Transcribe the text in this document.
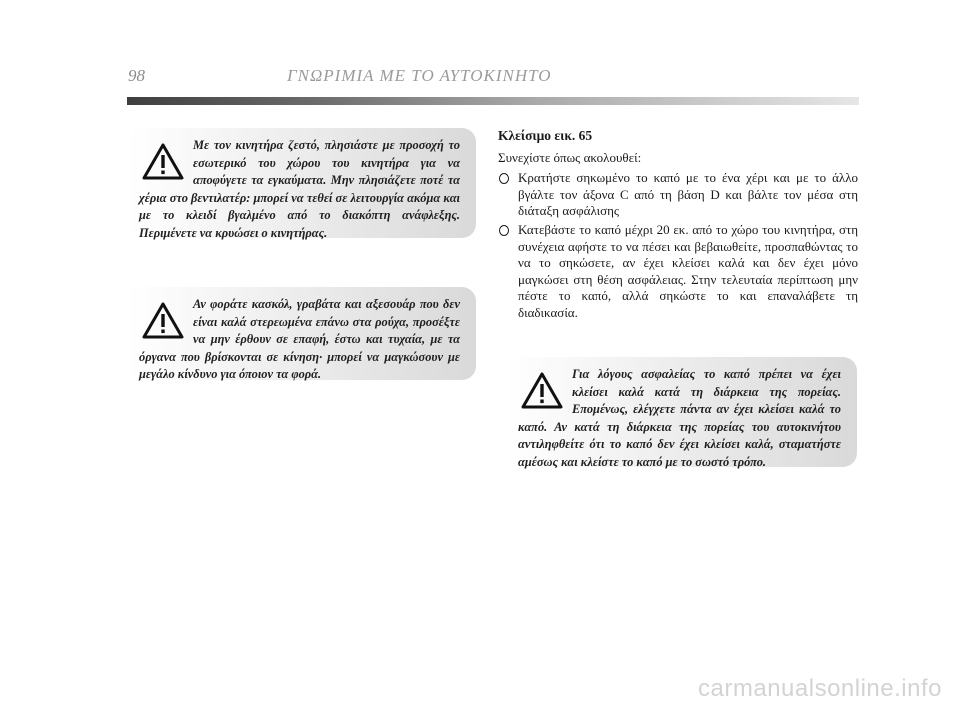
98	ΓΝΩΡΙΜΙΑ ΜΕ ΤΟ ΑΥΤΟΚΙΝΗΤΟ

Με τον κινητήρα ζεστό, πλησιάστε με προσοχή το εσωτερικό του χώρου του κινητήρα για να αποφύγετε τα εγκαύματα. Μην πλησιάζετε ποτέ τα χέρια στο βεντιλατέρ: μπορεί να τεθεί σε λειτουργία ακόμα και με το κλειδί βγαλμένο από το διακόπτη ανάφλεξης. Περιμένετε να κρυώσει ο κινητήρας.

Αν φοράτε κασκόλ, γραβάτα και αξεσουάρ που δεν είναι καλά στερεωμένα επάνω στα ρούχα, προσέξτε να μην έρθουν σε επαφή, έστω και τυχαία, με τα όργανα που βρίσκονται σε κίνηση· μπορεί να μαγκώσουν με μεγάλο κίνδυνο για όποιον τα φορά.

Κλείσιμο εικ. 65

Συνεχίστε όπως ακολουθεί:

Κρατήστε σηκωμένο το καπό με το ένα χέρι και με το άλλο βγάλτε τον άξονα C από τη βάση D και βάλτε τον μέσα στη διάταξη ασφάλισης
Κατεβάστε το καπό μέχρι 20 εκ. από το χώρο του κινητήρα, στη συνέχεια αφήστε το να πέσει και βεβαιωθείτε, προσπαθώντας το να το σηκώσετε, αν έχει κλείσει καλά και δεν έχει μόνο μαγκώσει στη θέση ασφάλειας. Στην τελευταία περίπτωση μην πέστε το καπό, αλλά σηκώστε το και επαναλάβετε τη διαδικασία.

Για λόγους ασφαλείας το καπό πρέπει να έχει κλείσει καλά κατά τη διάρκεια της πορείας. Επομένως, ελέγχετε πάντα αν έχει κλείσει καλά το καπό. Αν κατά τη διάρκεια της πορείας του αυτοκινήτου αντιληφθείτε ότι το καπό δεν έχει κλείσει καλά, σταματήστε αμέσως και κλείστε το καπό με το σωστό τρόπο.

carmanualsonline.info
